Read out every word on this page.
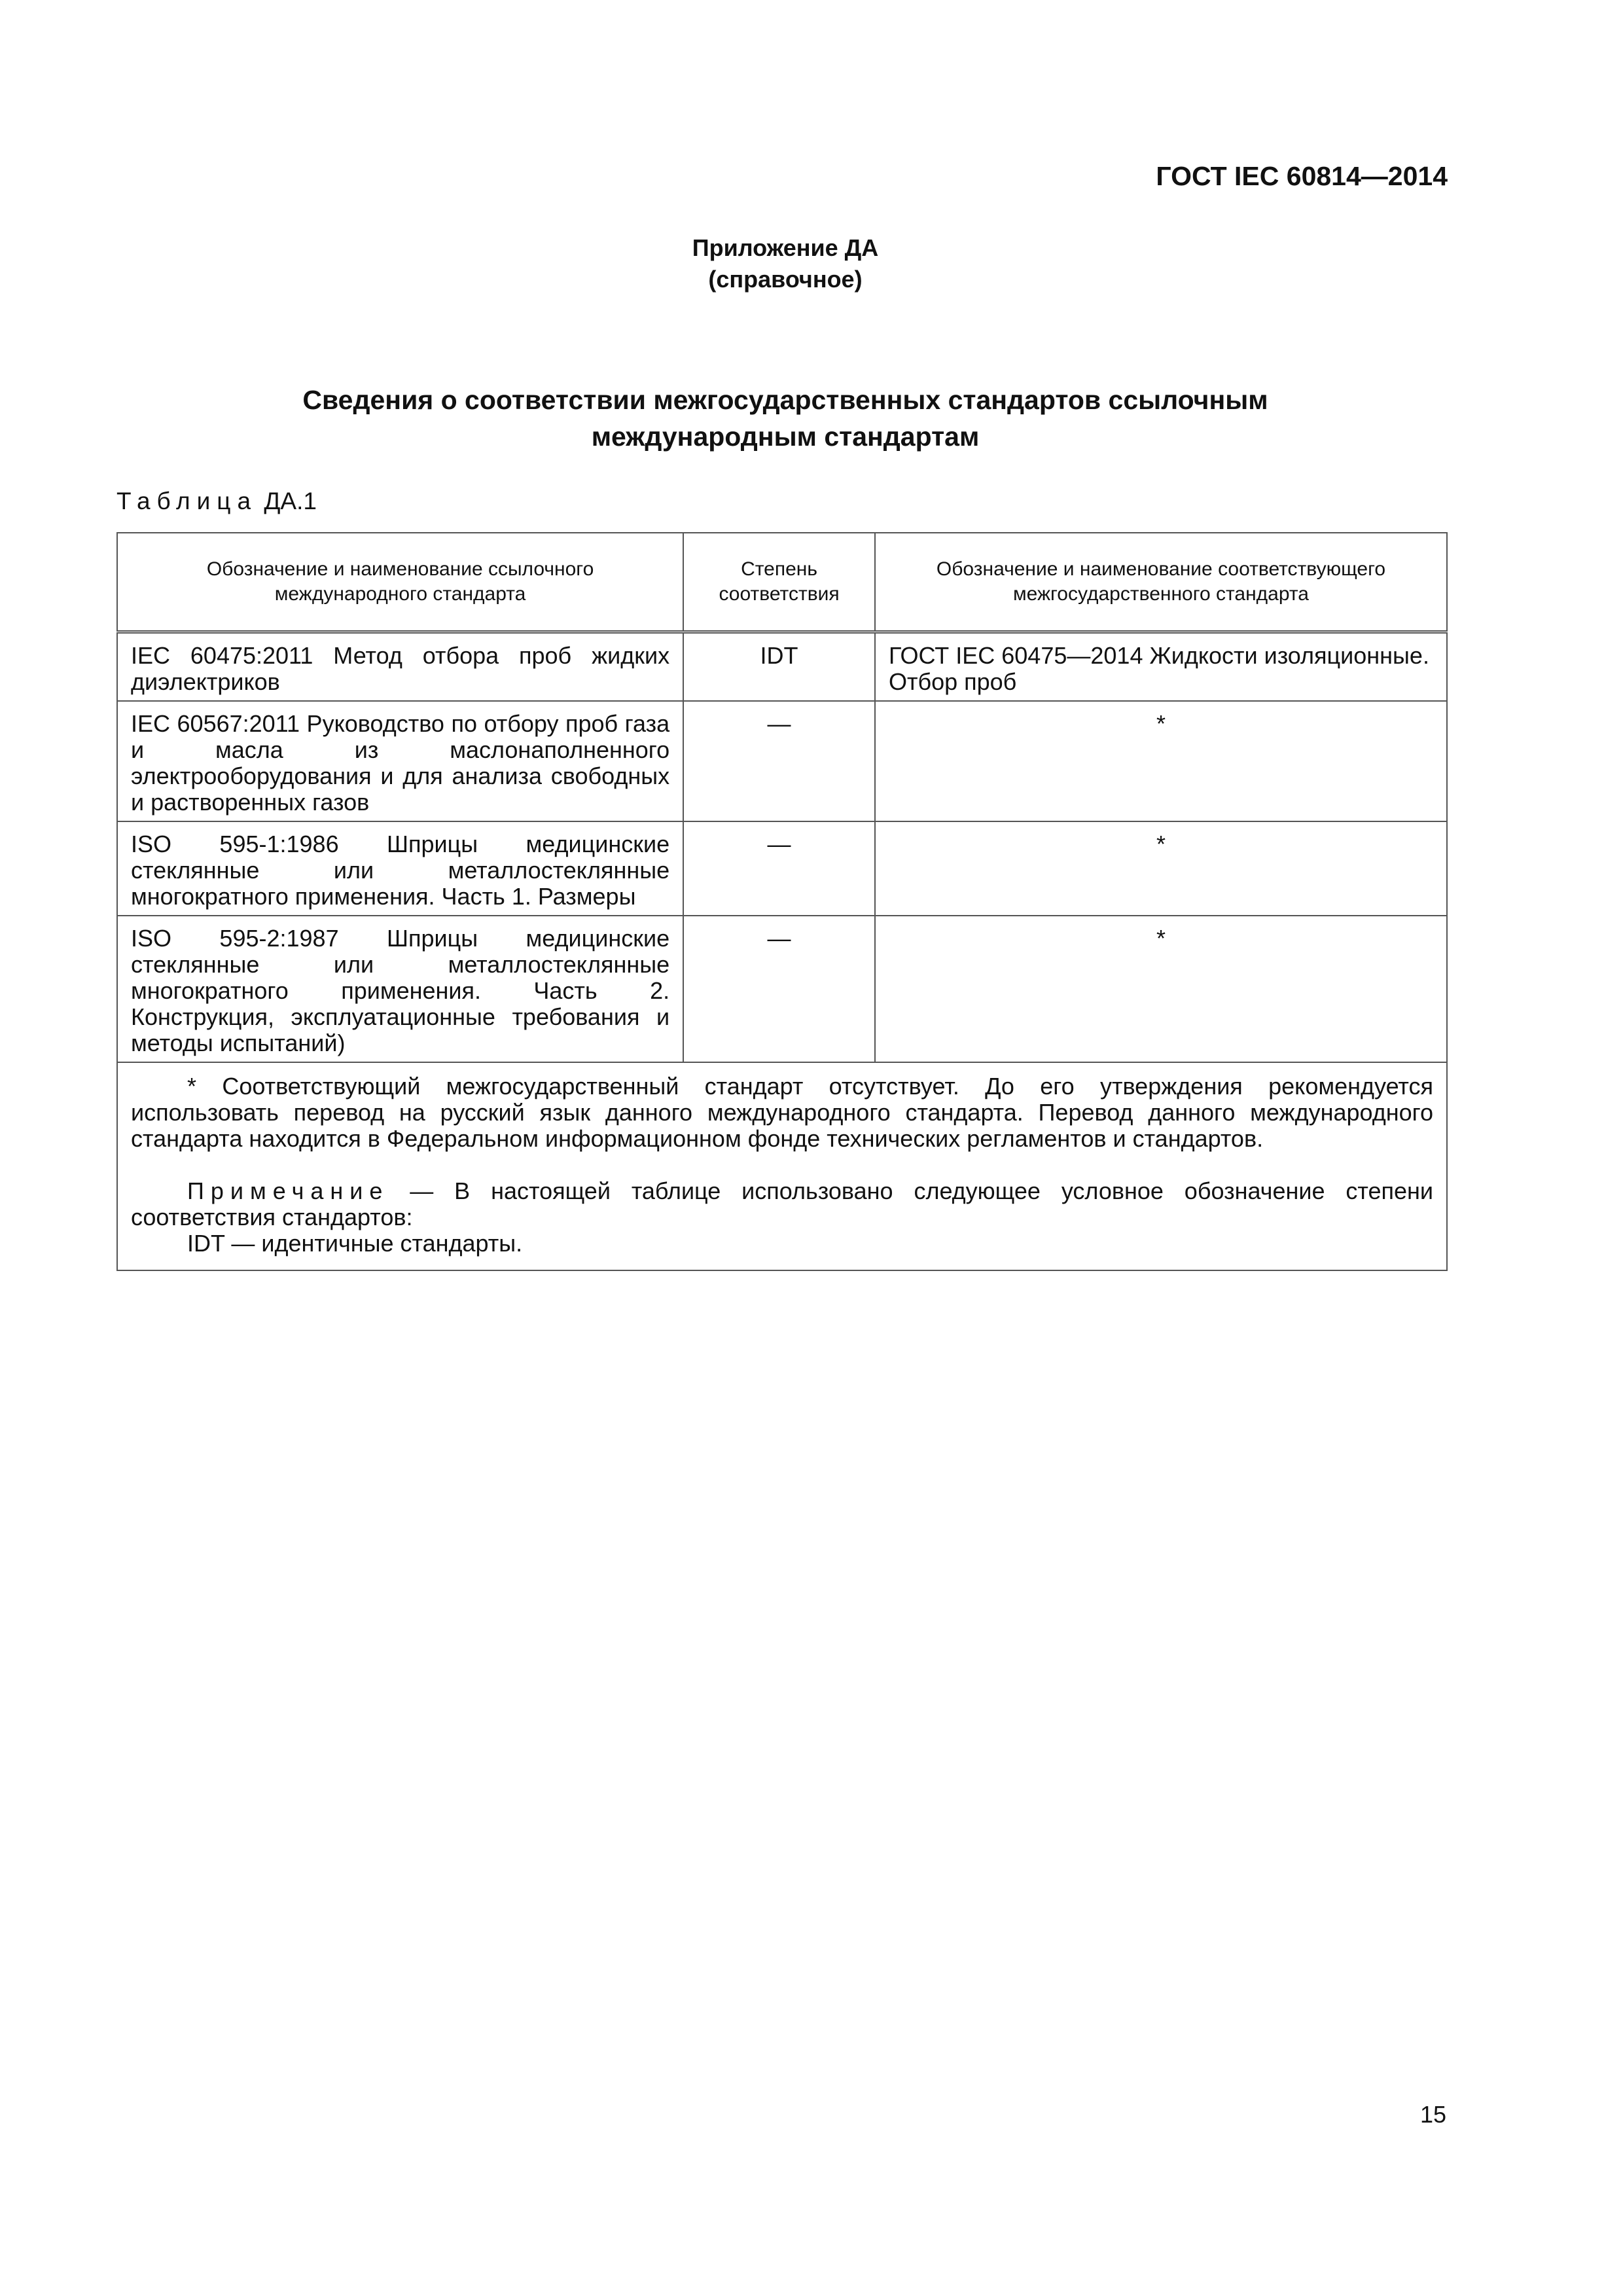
ГОСТ IEC 60814—2014
Приложение ДА
(справочное)
Сведения о соответствии межгосударственных стандартов ссылочным
международным стандартам
Таблица ДА.1
Обозначение и наименование ссылочного международного стандарта	Степень соответствия	Обозначение и наименование соответствующего межгосударственного стандарта
IEC 60475:2011 Метод отбора проб жидких диэлектриков	IDT	ГОСТ IEC 60475—2014 Жидкости изоляционные. Отбор проб
IEC 60567:2011 Руководство по отбору проб газа и масла из маслонаполненного электрооборудования и для анализа свободных и растворенных газов	—	*
ISO 595-1:1986 Шприцы медицинские стеклянные или металлостеклянные многократного применения. Часть 1. Размеры	—	*
ISO 595-2:1987 Шприцы медицинские стеклянные или металлостеклянные многократного применения. Часть 2. Конструкция, эксплуатационные требования и методы испытаний)	—	*

* Соответствующий межгосударственный стандарт отсутствует. До его утверждения рекомендуется использовать перевод на русский язык данного международного стандарта. Перевод данного международного стандарта находится в Федеральном информационном фонде технических регламентов и стандартов.

Примечание — В настоящей таблице использовано следующее условное обозначение степени соответствия стандартов:

IDT — идентичные стандарты.		

15
